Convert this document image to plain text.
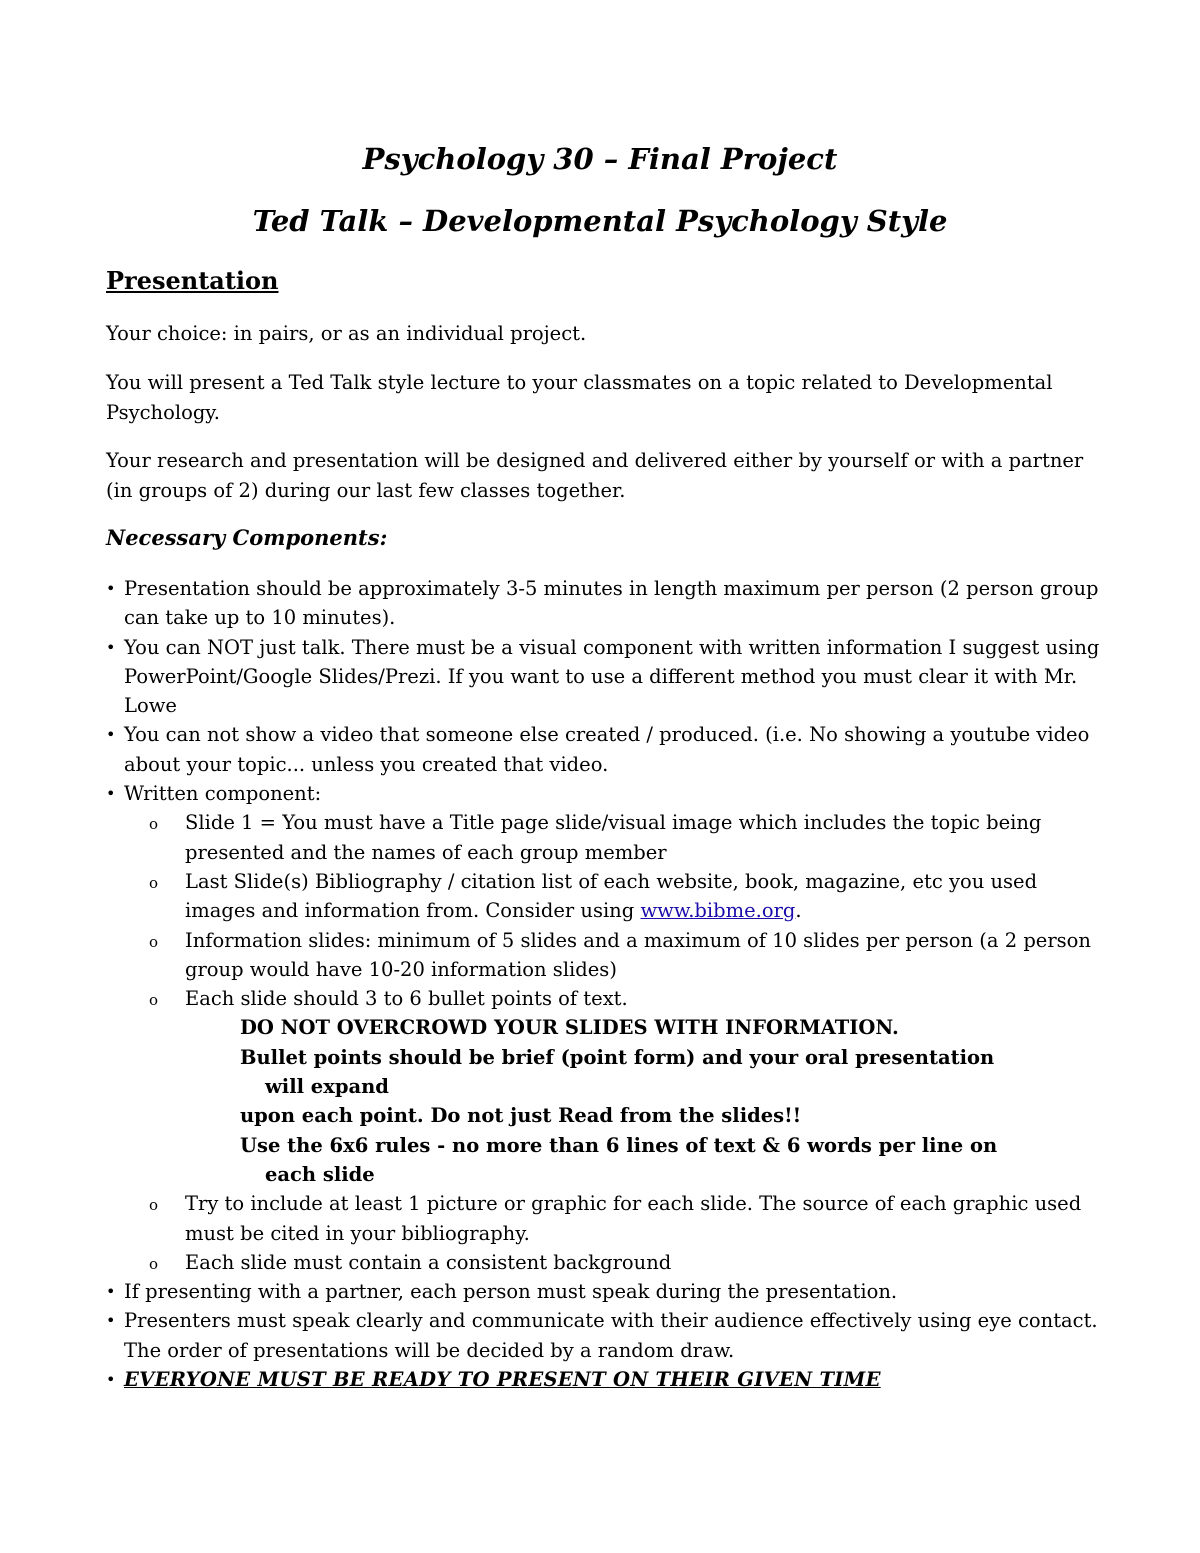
Psychology 30 – Final Project
Ted Talk – Developmental Psychology Style
Presentation
Your choice: in pairs, or as an individual project.
You will present a Ted Talk style lecture to your classmates on a topic related to Developmental Psychology.
Your research and presentation will be designed and delivered either by yourself or with a partner (in groups of 2) during our last few classes together.
Necessary Components:
• Presentation should be approximately 3-5 minutes in length maximum per person (2 person group can take up to 10 minutes).
• You can NOT just talk. There must be a visual component with written information I suggest using PowerPoint/Google Slides/Prezi. If you want to use a different method you must clear it with Mr. Lowe
• You can not show a video that someone else created / produced. (i.e. No showing a youtube video about your topic... unless you created that video.
• Written component:
o Slide 1 = You must have a Title page slide/visual image which includes the topic being presented and the names of each group member
o Last Slide(s) Bibliography / citation list of each website, book, magazine, etc you used images and information from. Consider using www.bibme.org.
o Information slides: minimum of 5 slides and a maximum of 10 slides per person (a 2 person group would have 10-20 information slides)
o Each slide should 3 to 6 bullet points of text.
DO NOT OVERCROWD YOUR SLIDES WITH INFORMATION.
Bullet points should be brief (point form) and your oral presentation
will expand
upon each point. Do not just Read from the slides!!
Use the 6x6 rules - no more than 6 lines of text & 6 words per line on
each slide
o Try to include at least 1 picture or graphic for each slide. The source of each graphic used must be cited in your bibliography.
o Each slide must contain a consistent background
• If presenting with a partner, each person must speak during the presentation.
• Presenters must speak clearly and communicate with their audience effectively using eye contact. The order of presentations will be decided by a random draw.
• EVERYONE MUST BE READY TO PRESENT ON THEIR GIVEN TIME
